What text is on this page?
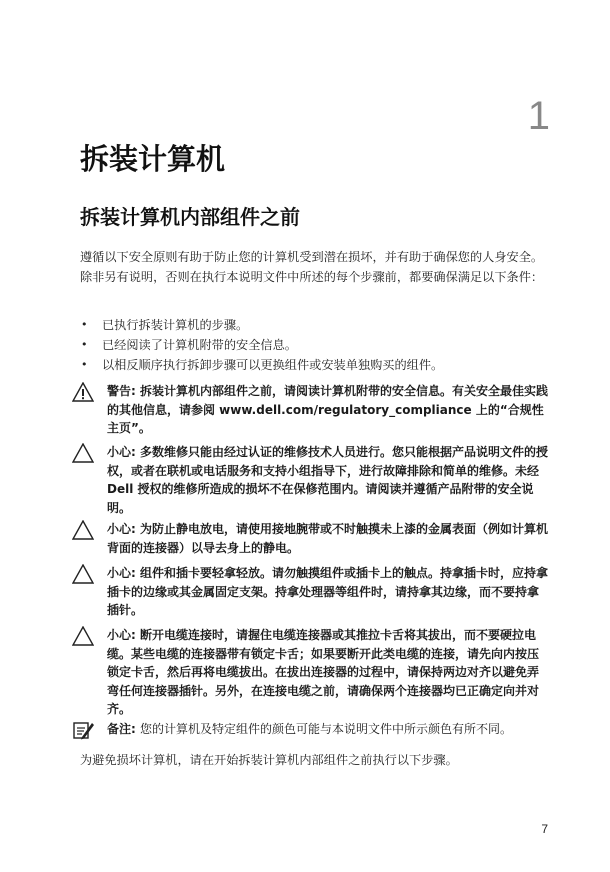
1
拆装计算机
拆装计算机内部组件之前

遵循以下安全原则有助于防止您的计算机受到潜在损坏，并有助于确保您的人身安全。除非另有说明，否则在执行本说明文件中所述的每个步骤前，都要确保满足以下条件：

• 已执行拆装计算机的步骤。
• 已经阅读了计算机附带的安全信息。
• 以相反顺序执行拆卸步骤可以更换组件或安装单独购买的组件。
警告: 拆装计算机内部组件之前，请阅读计算机附带的安全信息。有关安全最佳实践的其他信息，请参阅 www.dell.com/regulatory_compliance 上的“合规性主页”。
小心: 多数维修只能由经过认证的维修技术人员进行。您只能根据产品说明文件的授权，或者在联机或电话服务和支持小组指导下，进行故障排除和简单的维修。未经 Dell 授权的维修所造成的损坏不在保修范围内。请阅读并遵循产品附带的安全说明。
小心: 为防止静电放电，请使用接地腕带或不时触摸未上漆的金属表面（例如计算机背面的连接器）以导去身上的静电。
小心: 组件和插卡要轻拿轻放。请勿触摸组件或插卡上的触点。持拿插卡时，应持拿插卡的边缘或其金属固定支架。持拿处理器等组件时，请持拿其边缘，而不要持拿插针。
小心: 断开电缆连接时，请握住电缆连接器或其推拉卡舌将其拔出，而不要硬拉电缆。某些电缆的连接器带有锁定卡舌；如果要断开此类电缆的连接，请先向内按压锁定卡舌，然后再将电缆拔出。在拔出连接器的过程中，请保持两边对齐以避免弄弯任何连接器插针。另外，在连接电缆之前，请确保两个连接器均已正确定向并对齐。
备注: 您的计算机及特定组件的颜色可能与本说明文件中所示颜色有所不同。

为避免损坏计算机，请在开始拆装计算机内部组件之前执行以下步骤。

7
